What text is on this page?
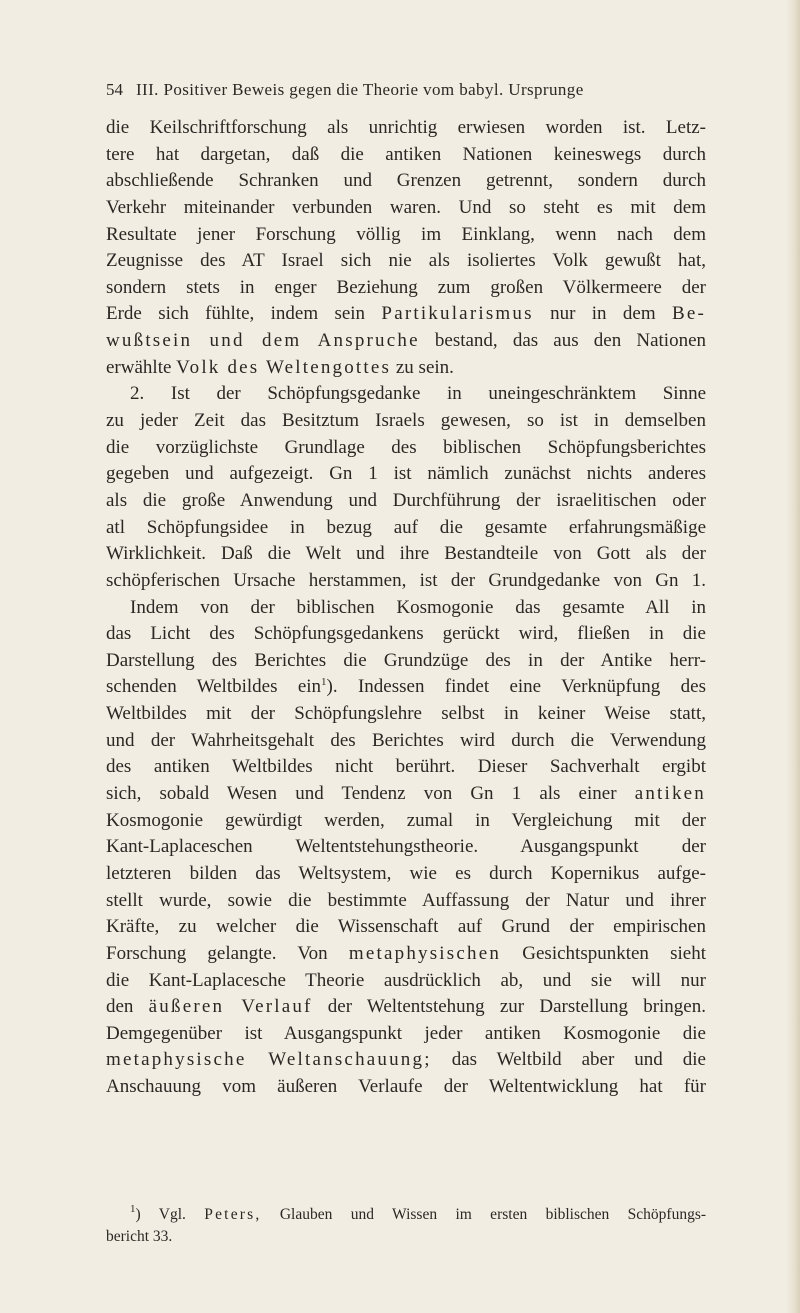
54 III. Positiver Beweis gegen die Theorie vom babyl. Ursprunge
die Keilschriftforschung als unrichtig erwiesen worden ist. Letz-
tere hat dargetan, daß die antiken Nationen keineswegs durch
abschließende Schranken und Grenzen getrennt, sondern durch
Verkehr miteinander verbunden waren. Und so steht es mit dem
Resultate jener Forschung völlig im Einklang, wenn nach dem
Zeugnisse des AT Israel sich nie als isoliertes Volk gewußt hat,
sondern stets in enger Beziehung zum großen Völkermeere der
Erde sich fühlte, indem sein Partikularismus nur in dem Be-
wußtsein und dem Anspruche bestand, das aus den Nationen
erwählte Volk des Weltengottes zu sein.
2. Ist der Schöpfungsgedanke in uneingeschränktem Sinne
zu jeder Zeit das Besitztum Israels gewesen, so ist in demselben
die vorzüglichste Grundlage des biblischen Schöpfungsberichtes
gegeben und aufgezeigt. Gn 1 ist nämlich zunächst nichts anderes
als die große Anwendung und Durchführung der israelitischen oder
atl Schöpfungsidee in bezug auf die gesamte erfahrungsmäßige
Wirklichkeit. Daß die Welt und ihre Bestandteile von Gott als der
schöpferischen Ursache herstammen, ist der Grundgedanke von Gn 1.
Indem von der biblischen Kosmogonie das gesamte All in
das Licht des Schöpfungsgedankens gerückt wird, fließen in die
Darstellung des Berichtes die Grundzüge des in der Antike herr-
schenden Weltbildes ein$^1$). Indessen findet eine Verknüpfung des
Weltbildes mit der Schöpfungslehre selbst in keiner Weise statt,
und der Wahrheitsgehalt des Berichtes wird durch die Verwendung
des antiken Weltbildes nicht berührt. Dieser Sachverhalt ergibt
sich, sobald Wesen und Tendenz von Gn 1 als einer antiken
Kosmogonie gewürdigt werden, zumal in Vergleichung mit der
Kant-Laplaceschen Weltentstehungstheorie. Ausgangspunkt der
letzteren bilden das Weltsystem, wie es durch Kopernikus aufge-
stellt wurde, sowie die bestimmte Auffassung der Natur und ihrer
Kräfte, zu welcher die Wissenschaft auf Grund der empirischen
Forschung gelangte. Von metaphysischen Gesichtspunkten sieht
die Kant-Laplacesche Theorie ausdrücklich ab, und sie will nur
den äußeren Verlauf der Weltentstehung zur Darstellung bringen.
Demgegenüber ist Ausgangspunkt jeder antiken Kosmogonie die
metaphysische Weltanschauung; das Weltbild aber und die
Anschauung vom äußeren Verlaufe der Weltentwicklung hat für
$^1$) Vgl. Peters, Glauben und Wissen im ersten biblischen Schöpfungs-
bericht 33.
